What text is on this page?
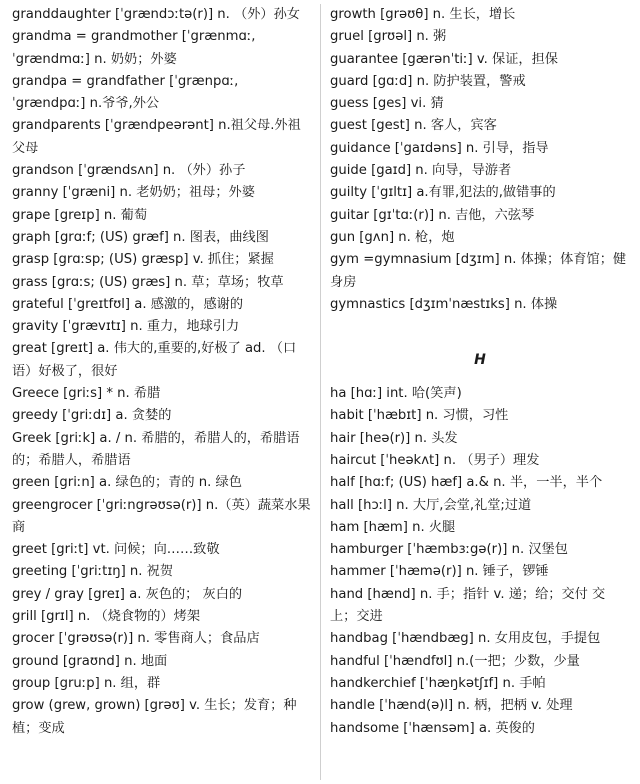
granddaughter [ˈgrændɔːtə(r)] n. （外）孙女

grandma = grandmother [ˈgrænmɑː, ˈgrændmɑː] n. 奶奶；外婆

grandpa = grandfather [ˈgrænpɑː, ˈgrændpɑː] n.爷爷,外公

grandparents [ˈgrændpeərənt] n.祖父母.外祖父母

grandson [ˈgrændsʌn] n. （外）孙子

granny [ˈgræni] n. 老奶奶；祖母；外婆

grape [greɪp] n. 葡萄

graph [grɑːf; (US) græf] n. 图表，曲线图

grasp [grɑːsp; (US) græsp] v. 抓住；紧握

grass [grɑːs; (US) græs] n. 草；草场；牧草

grateful [ˈgreɪtfʊl] a. 感激的，感谢的

gravity [ˈgrævɪtɪ] n. 重力，地球引力

great [greɪt] a. 伟大的,重要的,好极了 ad. （口语）好极了，很好

Greece [griːs] * n. 希腊

greedy [ˈgriːdɪ] a. 贪婪的

Greek [griːk] a. / n. 希腊的，希腊人的，希腊语的；希腊人，希腊语

green [griːn] a. 绿色的；青的 n. 绿色

greengrocer [ˈgriːngrəʊsə(r)] n.（英）蔬菜水果商

greet [griːt] vt. 问候；向……致敬

greeting [ˈgriːtɪŋ] n. 祝贺

grey / gray [greɪ] a. 灰色的； 灰白的

grill [grɪl] n. （烧食物的）烤架

grocer [ˈgrəʊsə(r)] n. 零售商人；食品店

ground [graʊnd] n. 地面

group [gruːp] n. 组，群

grow (grew, grown) [grəʊ] v. 生长；发育；种植；变成

growth [grəʊθ] n. 生长，增长

gruel [grʊəl] n. 粥

guarantee [gærənˈtiː] v. 保证，担保

guard [gɑːd] n. 防护装置，警戒

guess [ges] vi. 猜

guest [gest] n. 客人，宾客

guidance [ˈgaɪdəns] n. 引导，指导

guide [gaɪd] n. 向导，导游者

guilty [ˈgɪltɪ] a.有罪,犯法的,做错事的

guitar [gɪˈtɑː(r)] n. 吉他，六弦琴

gun [gʌn] n. 枪，炮

gym =gymnasium [dʒɪm] n. 体操；体育馆；健身房

gymnastics [dʒɪmˈnæstɪks] n. 体操

H

ha [hɑː] int. 哈(笑声)

habit [ˈhæbɪt] n. 习惯，习性

hair [heə(r)] n. 头发

haircut [ˈheəkʌt] n. （男子）理发

half [hɑːf; (US) hæf] a.& n. 半，一半，半个

hall [hɔːl] n. 大厅,会堂,礼堂;过道

ham [hæm] n. 火腿

hamburger [ˈhæmbɜːgə(r)] n. 汉堡包

hammer [ˈhæmə(r)] n. 锤子，锣锤

hand [hænd] n. 手；指针 v. 递；给；交付 交上；交进

handbag [ˈhændbæg] n. 女用皮包，手提包

handful [ˈhændfʊl] n.(一把；少数，少量

handkerchief [ˈhæŋkətʃɪf] n. 手帕

handle [ˈhænd(ə)l] n. 柄，把柄 v. 处理

handsome [ˈhænsəm] a. 英俊的
